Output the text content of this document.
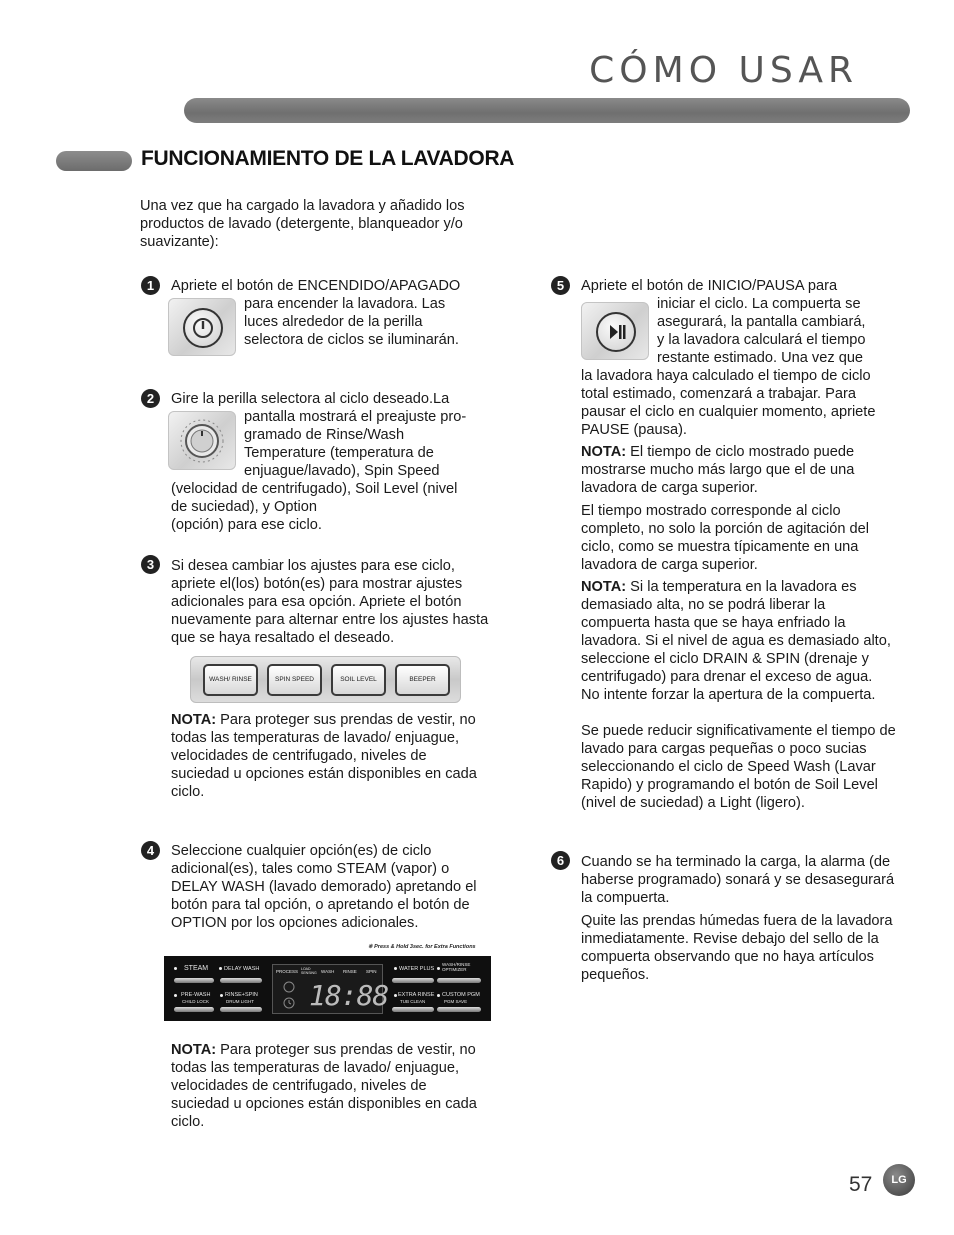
CÓMO USAR
FUNCIONAMIENTO DE LA LAVADORA
Una vez que ha cargado la lavadora y añadido los productos de lavado (detergente, blanqueador y/o suavizante):
1	Apriete el botón de ENCENDIDO/APAGADO
para encender la lavadora. Las
luces alrededor de la perilla
selectora de ciclos se iluminarán.
2	Gire la perilla selectora al ciclo deseado.La
pantalla mostrará el preajuste pro-
gramado de Rinse/Wash
Temperature (temperatura de
enjuague/lavado), Spin Speed
(velocidad de centrifugado), Soil Level (nivel
de suciedad), y Option
(opción) para ese ciclo.
3	Si desea cambiar los ajustes para ese ciclo, apriete el(los) botón(es) para mostrar ajustes adicionales para esa opción. Apriete el botón nuevamente para alternar entre los ajustes hasta que se haya resaltado el deseado.
WASH/ RINSE	SPIN SPEED	SOIL LEVEL	BEEPER
NOTA: Para proteger sus prendas de vestir, no todas las temperaturas de lavado/ enjuague, velocidades de centrifugado, niveles de suciedad u opciones están disponibles en cada ciclo.
4	Seleccione cualquier opción(es) de ciclo adicional(es), tales como STEAM (vapor) o DELAY WASH (lavado demorado) apretando el botón para tal opción, o apretando el botón de OPTION por los opciones adicionales.
※ Press & Hold 3sec. for Extra Functions
STEAM	DELAY WASH
PRE-WASH
CHILD LOCK
RINSE+SPIN
DRUM LIGHT
PROCESS LOAD SENSING WASH RINSE SPIN
18:88
WATER PLUS
WASH/RINSE OPTIMIZER
EXTRA RINSE
TUB CLEAN
CUSTOM PGM
PGM SAVE
NOTA: Para proteger sus prendas de vestir, no todas las temperaturas de lavado/ enjuague, velocidades de centrifugado, niveles de suciedad u opciones están disponibles en cada ciclo.
5	Apriete el botón de INICIO/PAUSA para
iniciar el ciclo. La compuerta se
asegurará, la pantalla cambiará,
y la lavadora calculará el tiempo
restante estimado. Una vez que
la lavadora haya calculado el tiempo de ciclo total estimado, comenzará a trabajar. Para pausar el ciclo en cualquier momento, apriete PAUSE (pausa).
NOTA: El tiempo de ciclo mostrado puede mostrarse mucho más largo que el de una lavadora de carga superior.
El tiempo mostrado corresponde al ciclo completo, no solo la porción de agitación del ciclo, como se muestra típicamente en una lavadora de carga superior.
NOTA: Si la temperatura en la lavadora es demasiado alta, no se podrá liberar la compuerta hasta que se haya enfriado la lavadora. Si el nivel de agua es demasiado alto, seleccione el ciclo DRAIN & SPIN (drenaje y centrifugado) para drenar el exceso de agua. No intente forzar la apertura de la compuerta.
Se puede reducir significativamente el tiempo de lavado para cargas pequeñas o poco sucias seleccionando el ciclo de Speed Wash (Lavar Rapido) y programando el botón de Soil Level (nivel de suciedad) a Light (ligero).
6	Cuando se ha terminado la carga, la alarma (de haberse programado) sonará y se desasegurará la compuerta.
Quite las prendas húmedas fuera de la lavadora inmediatamente. Revise debajo del sello de la compuerta observando que no haya artículos pequeños.
57	LG
